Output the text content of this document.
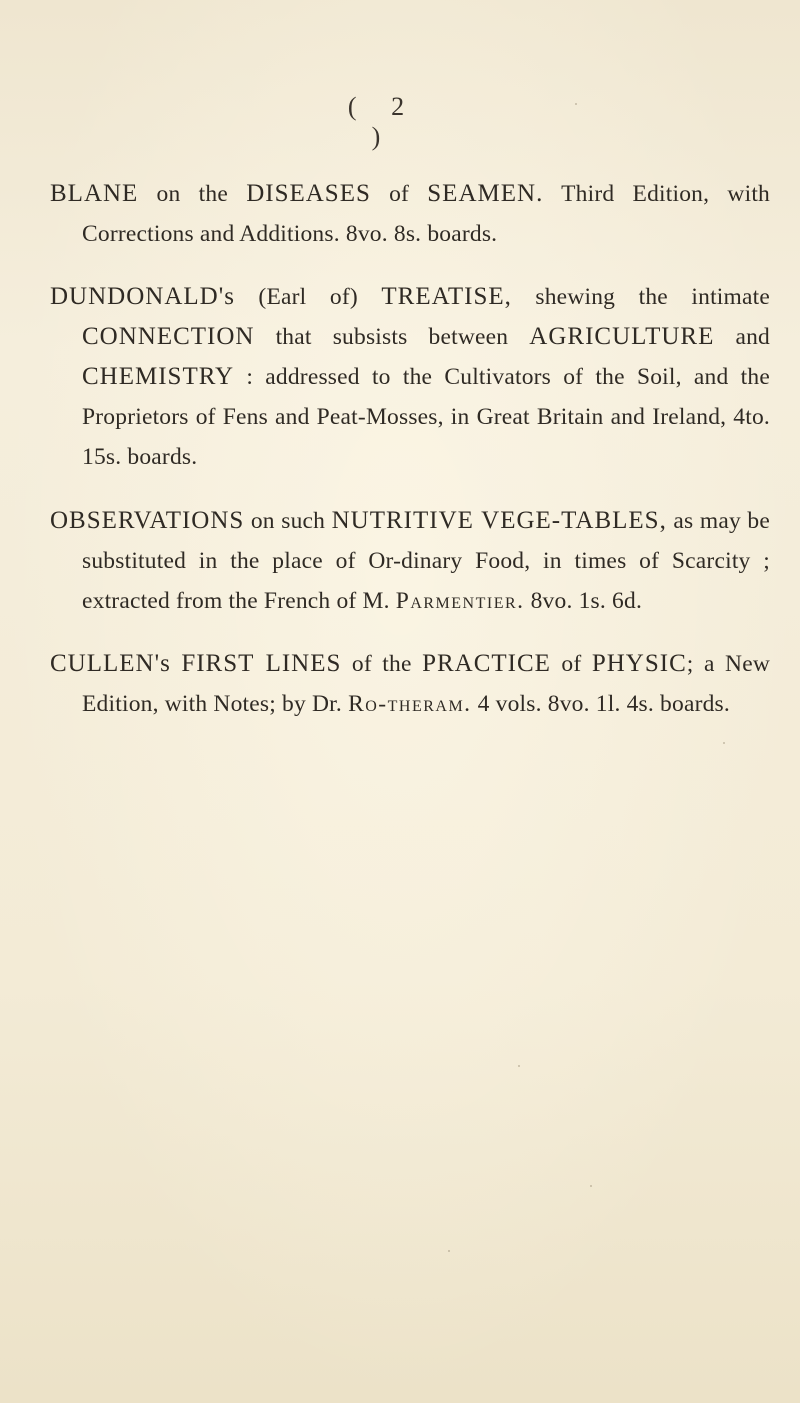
( 2 )

BLANE on the DISEASES of SEAMEN. Third Edition, with Corrections and Additions. 8vo. 8s. boards.

DUNDONALD's (Earl of) TREATISE, shewing the intimate CONNECTION that subsists between AGRICULTURE and CHEMISTRY : addressed to the Cultivators of the Soil, and the Proprietors of Fens and Peat-Mosses, in Great Britain and Ireland, 4to. 15s. boards.

OBSERVATIONS on such NUTRITIVE VEGE-TABLES, as may be substituted in the place of Or-dinary Food, in times of Scarcity ; extracted from the French of M. Parmentier. 8vo. 1s. 6d.

CULLEN's FIRST LINES of the PRACTICE of PHYSIC; a New Edition, with Notes; by Dr. Ro-theram. 4 vols. 8vo. 1l. 4s. boards.
